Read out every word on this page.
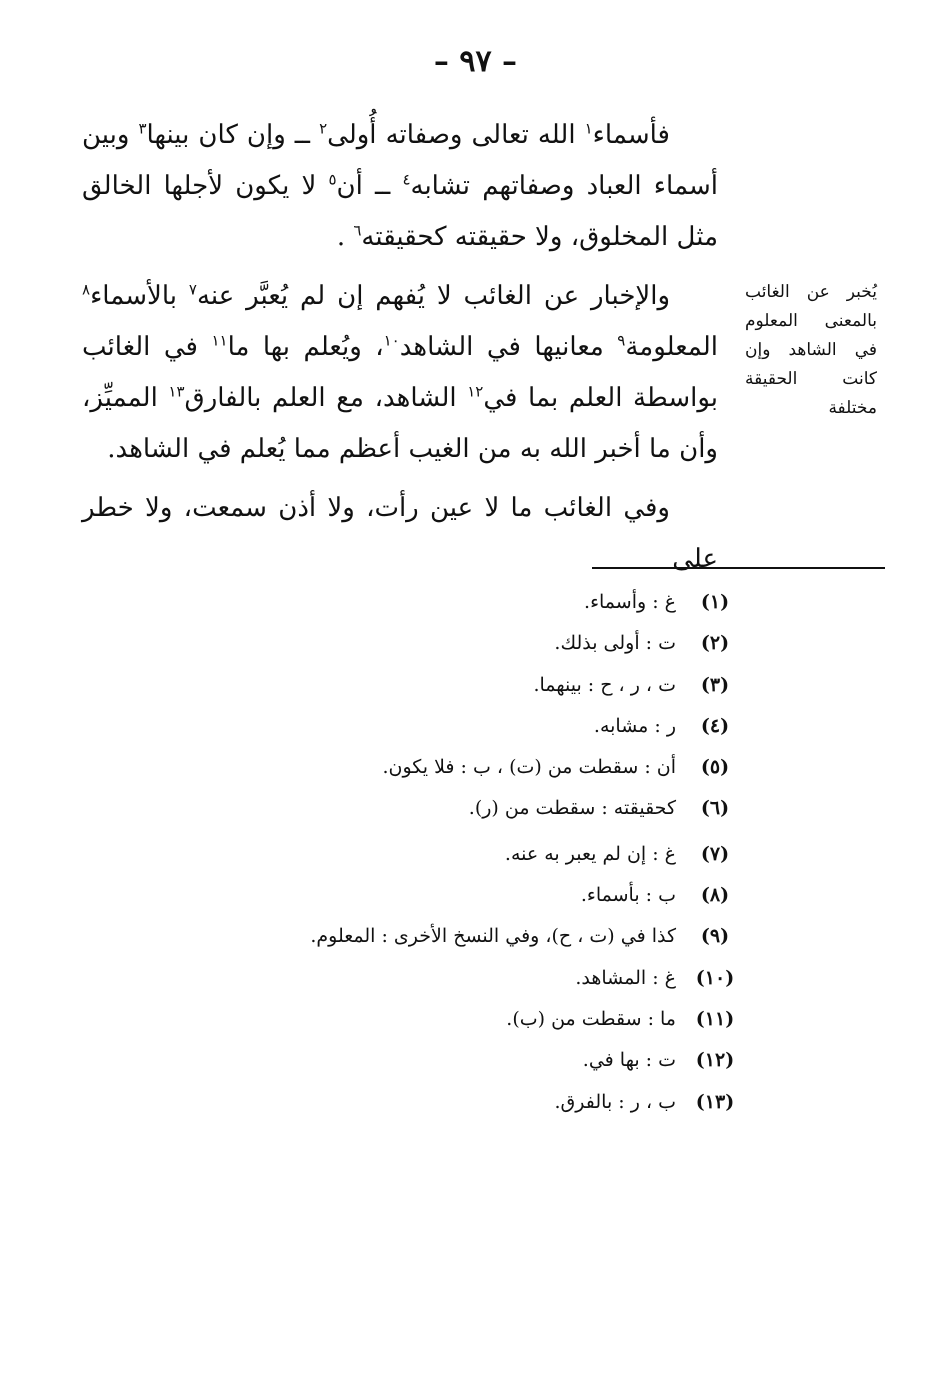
– ٩٧ –
يُخبر عن الغائب بالمعنى المعلوم في الشاهد وإن كانت الحقيقة مختلفة

فأسماء$^١$ الله تعالى وصفاته أُولى$^٢$ ــ وإن كان بينها$^٣$ وبين أسماء العباد وصفاتهم تشابه$^٤$ ــ أن$^٥$ لا يكون لأجلها الخالق مثل المخلوق، ولا حقيقته كحقيقته$^٦$ .

والإخبار عن الغائب لا يُفهم إن لم يُعبَّر عنه$^٧$ بالأسماء$^٨$ المعلومة$^٩$ معانيها في الشاهد$^{١٠}$، ويُعلم بها ما$^{١١}$ في الغائب بواسطة العلم بما في$^{١٢}$ الشاهد، مع العلم بالفارق$^{١٣}$ المميِّز، وأن ما أخبر الله به من الغيب أعظم مما يُعلم في الشاهد.

وفي الغائب ما لا عين رأت، ولا أذن سمعت، ولا خطر على

(١)
غ : وأسماء.
(٢)
ت : أولى بذلك.
(٣)
ت ، ر ، ح : بينهما.
(٤)
ر : مشابه.
(٥)
أن : سقطت من (ت) ، ب : فلا يكون.
(٦)
كحقيقته : سقطت من (ر).
(٧)
غ : إن لم يعبر به عنه.
(٨)
ب : بأسماء.
(٩)
كذا في (ت ، ح)، وفي النسخ الأخرى : المعلوم.
(١٠)
غ : المشاهد.
(١١)
ما : سقطت من (ب).
(١٢)
ت : بها في.
(١٣)
ب ، ر : بالفرق.
